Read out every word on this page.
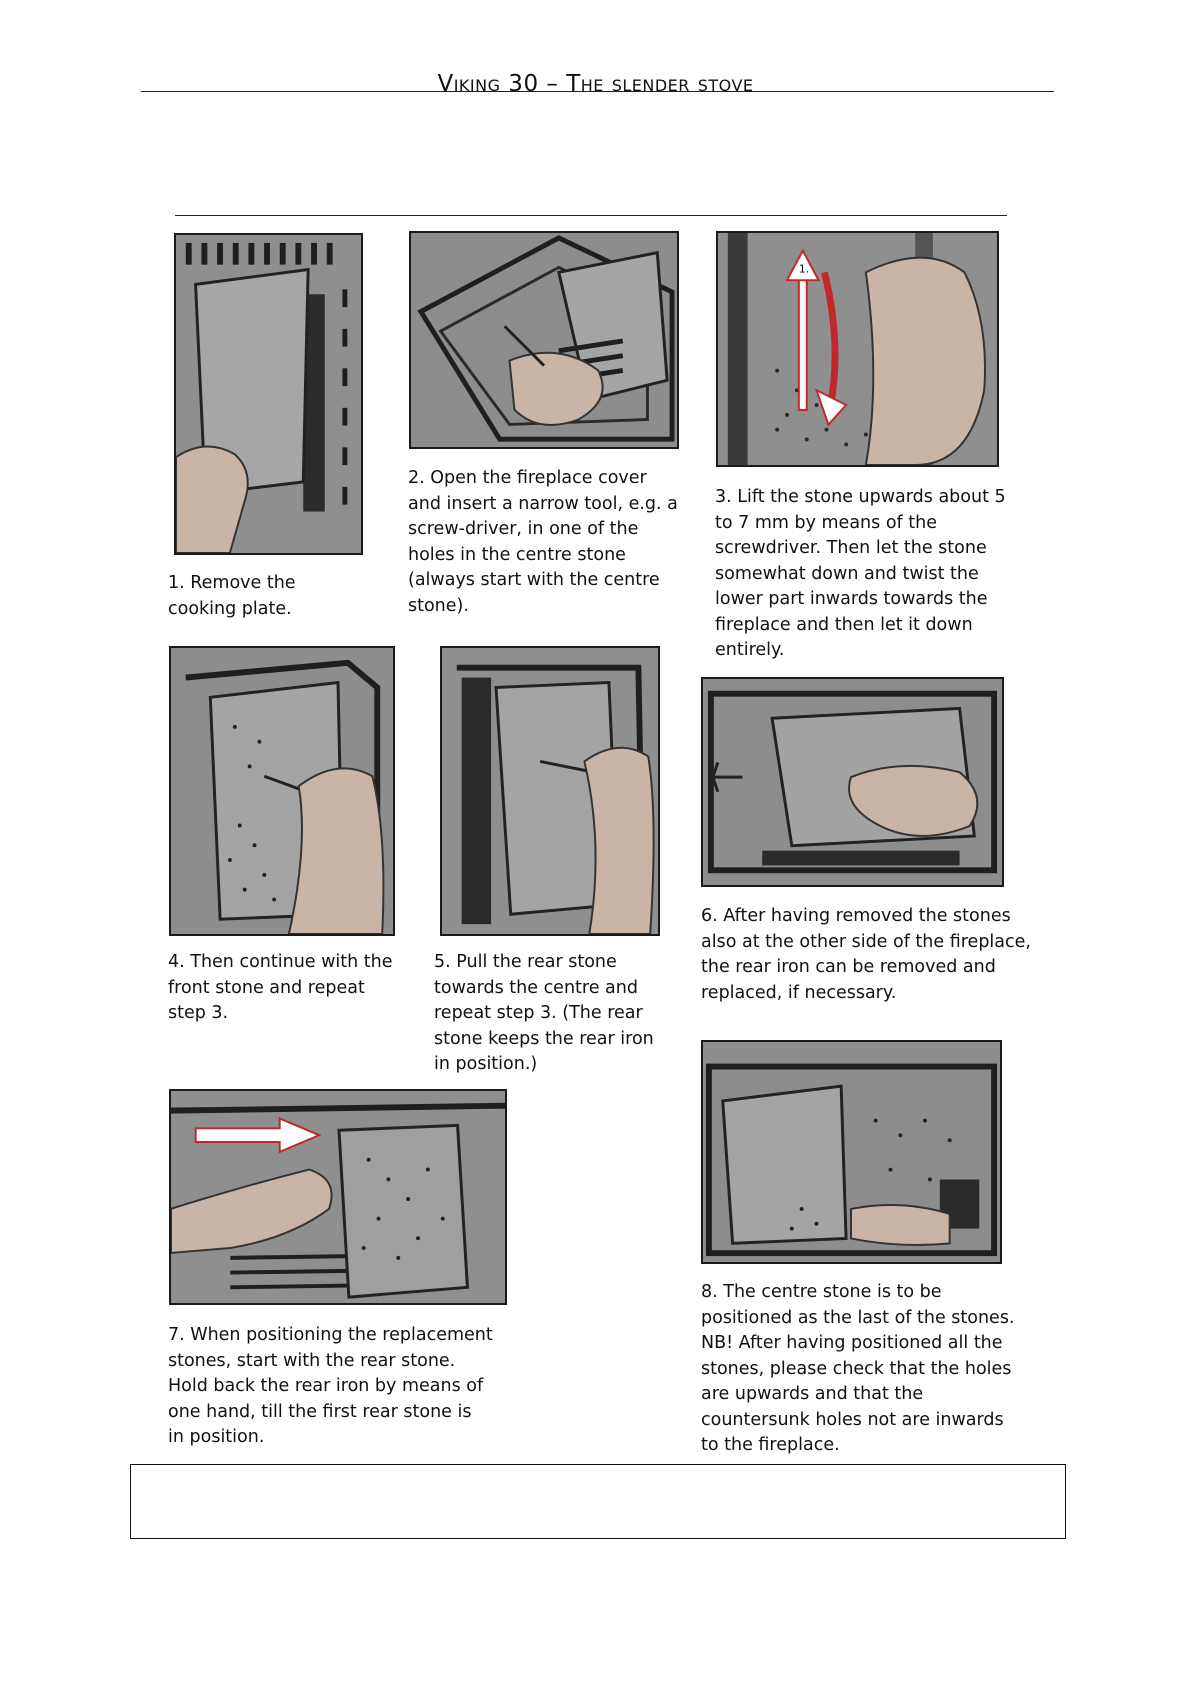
Viking 30 – The slender stove

1. Remove the
cooking plate.

2. Open the fireplace cover
and insert a narrow tool, e.g. a
screw-driver, in one of the
holes in the centre stone
(always start with the centre
stone).

1.

3. Lift the stone upwards about 5
to 7 mm by means of the
screwdriver. Then let the stone
somewhat down and twist the
lower part inwards towards the
fireplace and then let it down
entirely.

4. Then continue with the
front stone and repeat
step 3.

5. Pull the rear stone
towards the centre and
repeat step 3. (The rear
stone keeps the rear iron
in position.)

6. After having removed the stones
also at the other side of the fireplace,
the rear iron can be removed and
replaced, if necessary.

7. When positioning the replacement
stones, start with the rear stone.
Hold back the rear iron by means of
one hand, till the first rear stone is
in position.

8. The centre stone is to be
positioned as the last of the stones.
NB! After having positioned all the
stones, please check that the holes
are upwards and that the
countersunk holes not are inwards
to the fireplace.
